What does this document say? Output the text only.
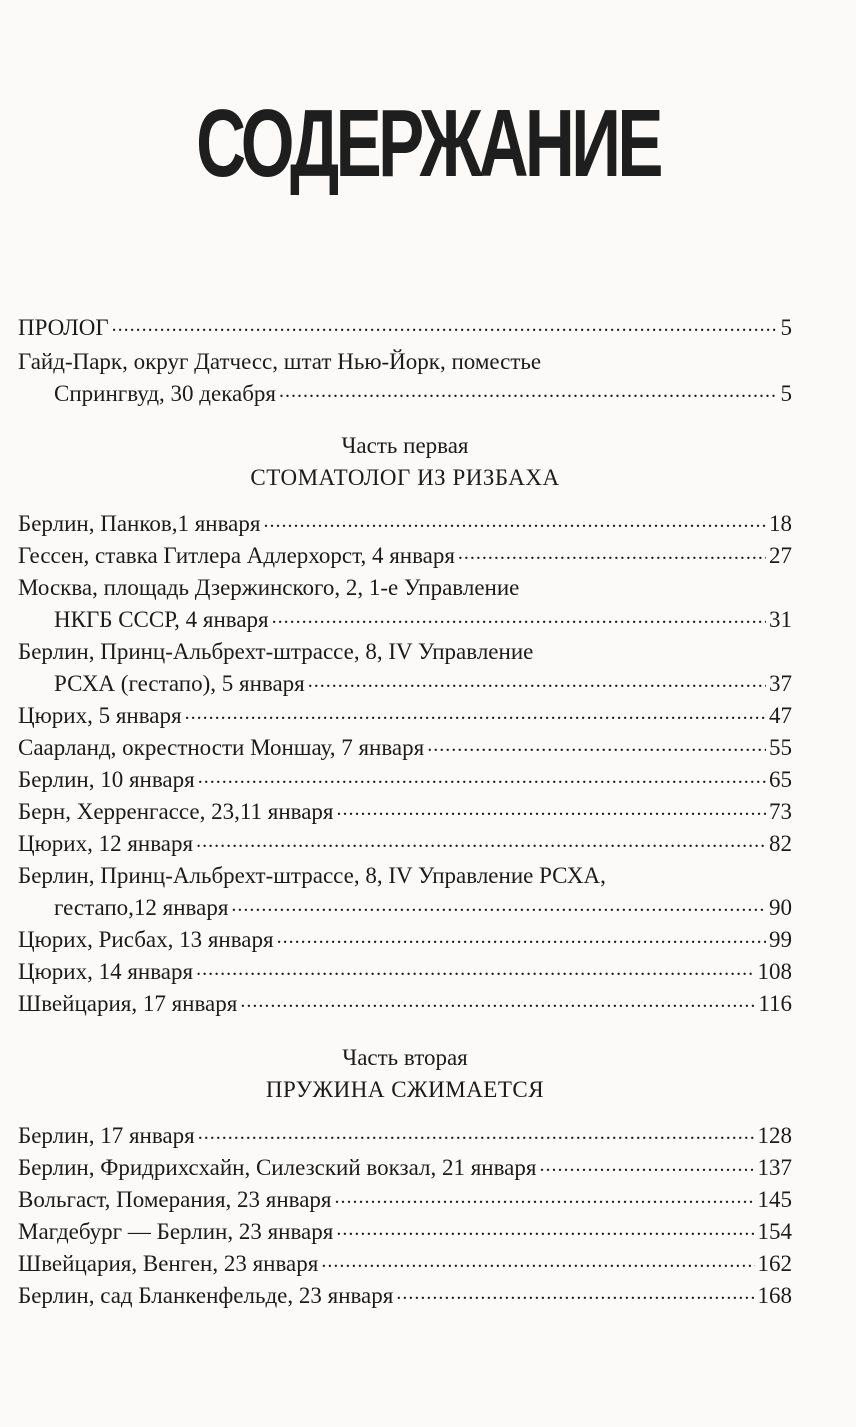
СОДЕРЖАНИЕ
ПРОЛОГ .....	5
Гайд-Парк, округ Датчесс, штат Нью-Йорк, поместье
Спрингвуд, 30 декабря .....	5
Часть первая
СТОМАТОЛОГ ИЗ РИЗБАХА
Берлин, Панков,1 января .....	18
Гессен, ставка Гитлера Адлерхорст, 4 января .....	27
Москва, площадь Дзержинского, 2, 1-е Управление
НКГБ СССР, 4 января .....	31
Берлин, Принц-Альбрехт-штрассе, 8, IV Управление
РСХА (гестапо), 5 января .....	37
Цюрих, 5 января .....	47
Саарланд, окрестности Моншау, 7 января .....	55
Берлин, 10 января .....	65
Берн, Херренгассе, 23,11 января .....	73
Цюрих, 12 января .....	82
Берлин, Принц-Альбрехт-штрассе, 8, IV Управление РСХА,
гестапо,12 января .....	90
Цюрих, Рисбах, 13 января .....	99
Цюрих, 14 января .....	108
Швейцария, 17 января .....	116
Часть вторая
ПРУЖИНА СЖИМАЕТСЯ
Берлин, 17 января .....	128
Берлин, Фридрихсхайн, Силезский вокзал, 21 января .....	137
Вольгаст, Померания, 23 января .....	145
Магдебург — Берлин, 23 января .....	154
Швейцария, Венген, 23 января .....	162
Берлин, сад Бланкенфельде, 23 января .....	168
